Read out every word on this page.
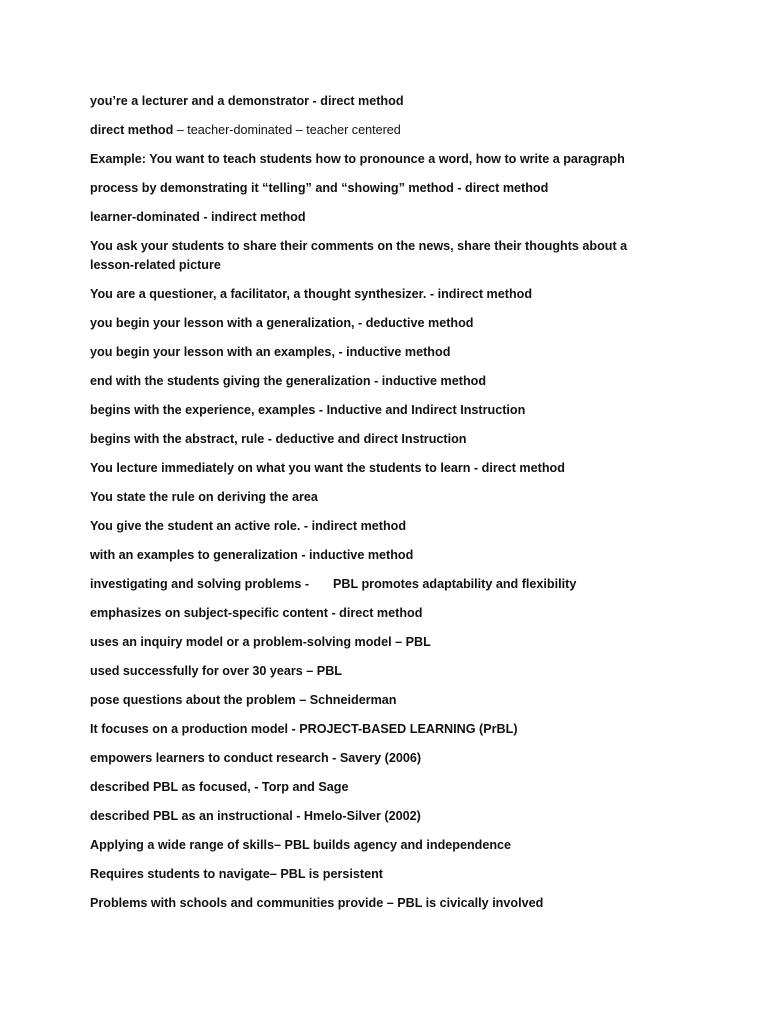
you’re a lecturer and a demonstrator - direct method
direct method – teacher-dominated – teacher centered
Example: You want to teach students how to pronounce a word, how to write a paragraph
process by demonstrating it “telling” and “showing” method - direct method
learner-dominated - indirect method
You ask your students to share their comments on the news, share their thoughts about a lesson-related picture
You are a questioner, a facilitator, a thought synthesizer. - indirect method
you begin your lesson with a generalization, - deductive method
you begin your lesson with an examples, - inductive method
end with the students giving the generalization - inductive method
begins with the experience, examples - Inductive and Indirect Instruction
begins with the abstract, rule - deductive and direct Instruction
You lecture immediately on what you want the students to learn - direct method
You state the rule on deriving the area
You give the student an active role. - indirect method
with an examples to generalization - inductive method
investigating and solving problems - PBL promotes adaptability and flexibility
emphasizes on subject-specific content - direct method
uses an inquiry model or a problem-solving model – PBL
used successfully for over 30 years – PBL
pose questions about the problem – Schneiderman
It focuses on a production model - PROJECT-BASED LEARNING (PrBL)
empowers learners to conduct research - Savery (2006)
described PBL as focused, - Torp and Sage
described PBL as an instructional - Hmelo-Silver (2002)
Applying a wide range of skills– PBL builds agency and independence
Requires students to navigate– PBL is persistent
Problems with schools and communities provide – PBL is civically involved
